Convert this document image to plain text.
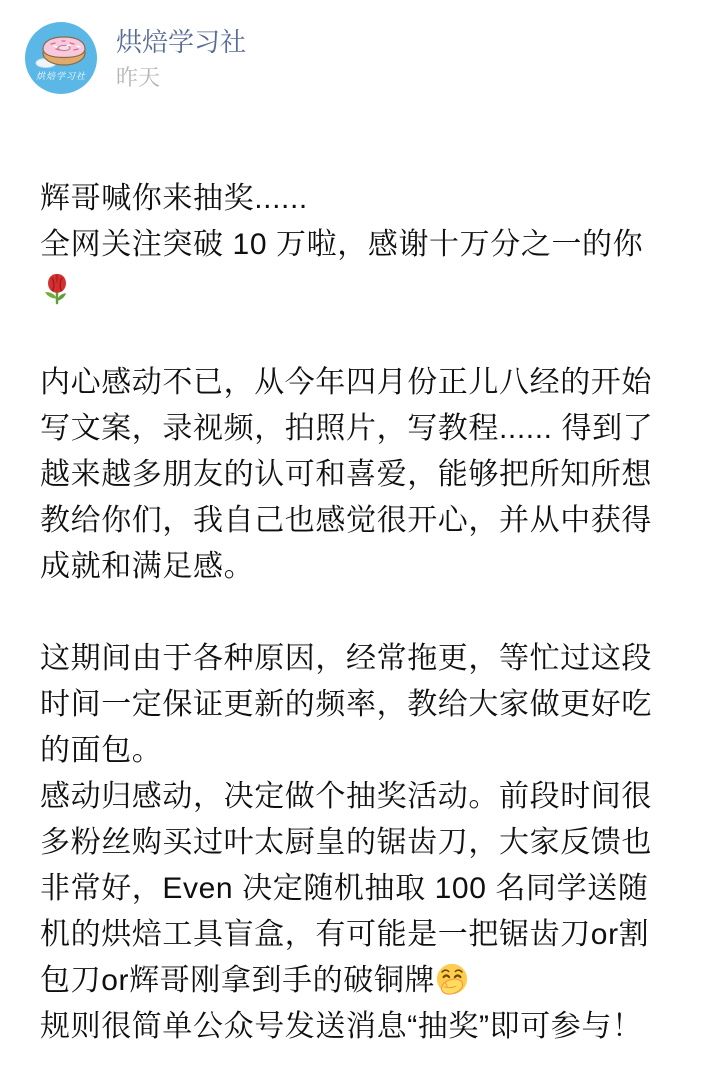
烘焙学习社
烘焙学习社
昨天
辉哥喊你来抽奖......
全网关注突破 10 万啦，感谢十万分之一的你
内心感动不已，从今年四月份正儿八经的开始
写文案，录视频，拍照片，写教程...... 得到了
越来越多朋友的认可和喜爱，能够把所知所想
教给你们，我自己也感觉很开心，并从中获得
成就和满足感。
这期间由于各种原因，经常拖更，等忙过这段
时间一定保证更新的频率，教给大家做更好吃
的面包。
感动归感动，决定做个抽奖活动。前段时间很
多粉丝购买过叶太厨皇的锯齿刀，大家反馈也
非常好，Even 决定随机抽取 100 名同学送随
机的烘焙工具盲盒，有可能是一把锯齿刀or割
包刀or辉哥刚拿到手的破铜牌
规则很简单公众号发送消息“抽奖”即可参与！
